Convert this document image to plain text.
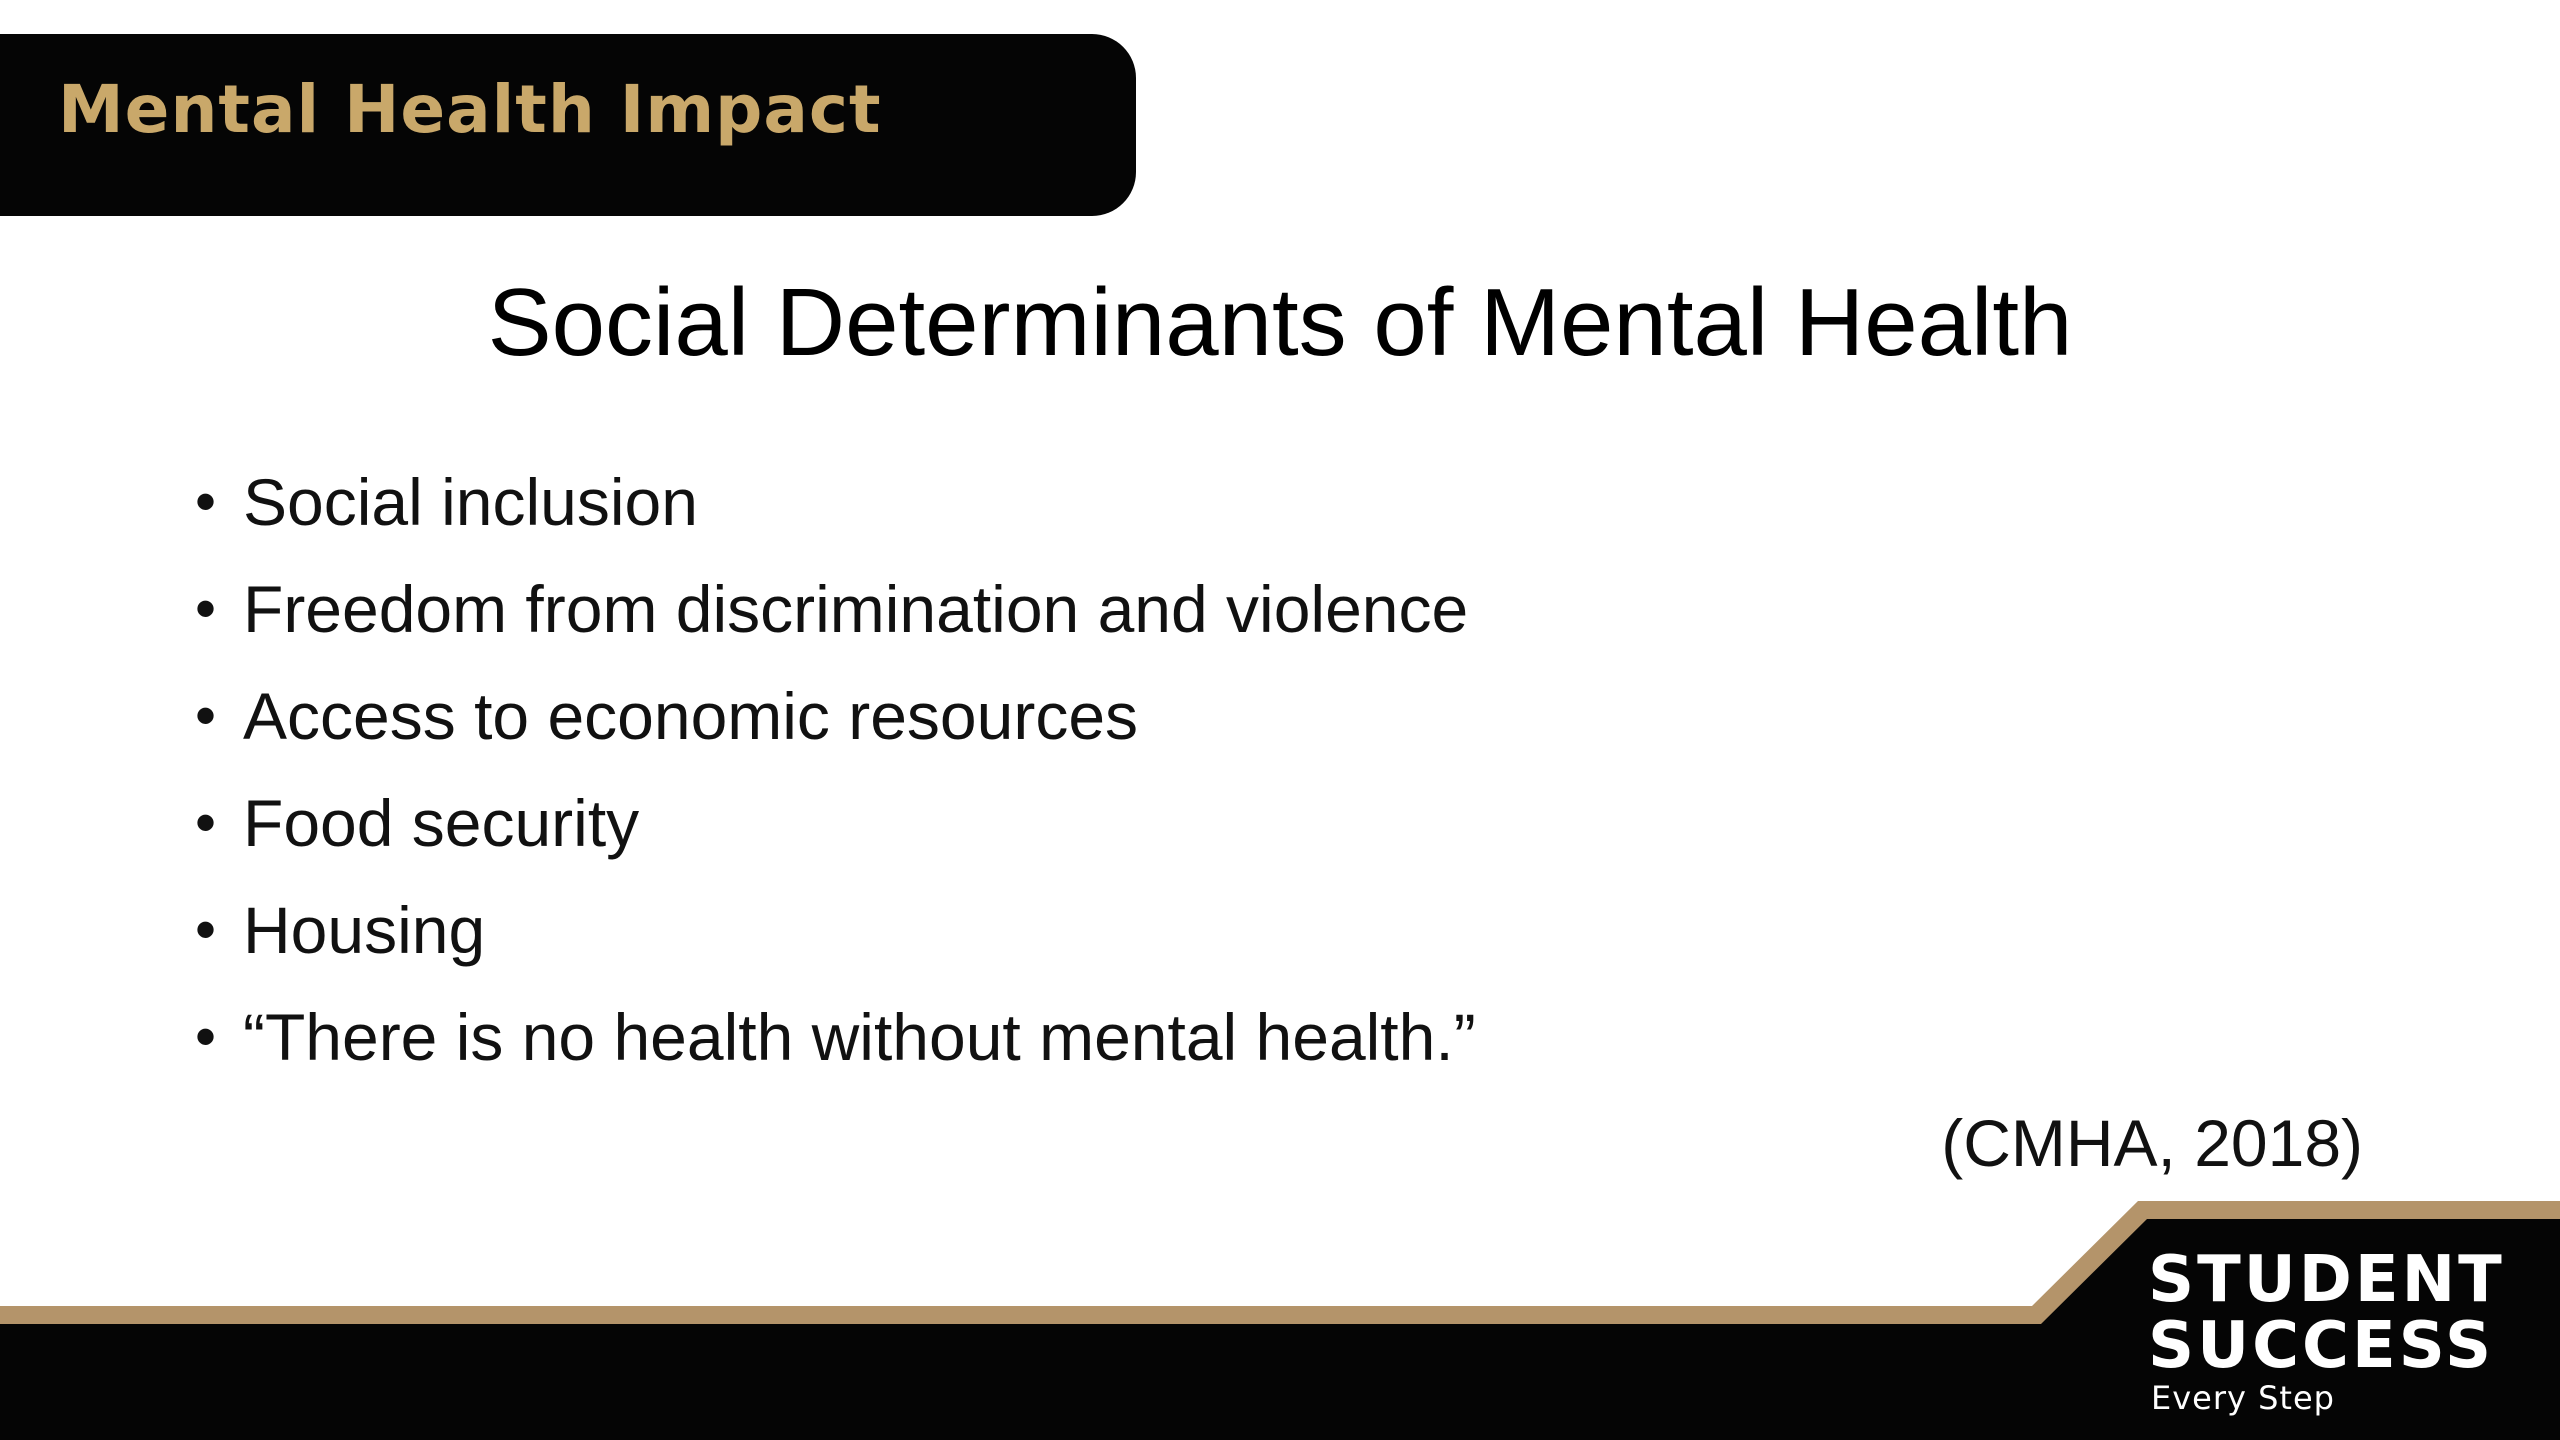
Mental Health Impact
Social Determinants of Mental Health
• Social inclusion
• Freedom from discrimination and violence
• Access to economic resources
• Food security
• Housing
• “There is no health without mental health.”
(CMHA, 2018)
STUDENT
SUCCESS
Every Step
